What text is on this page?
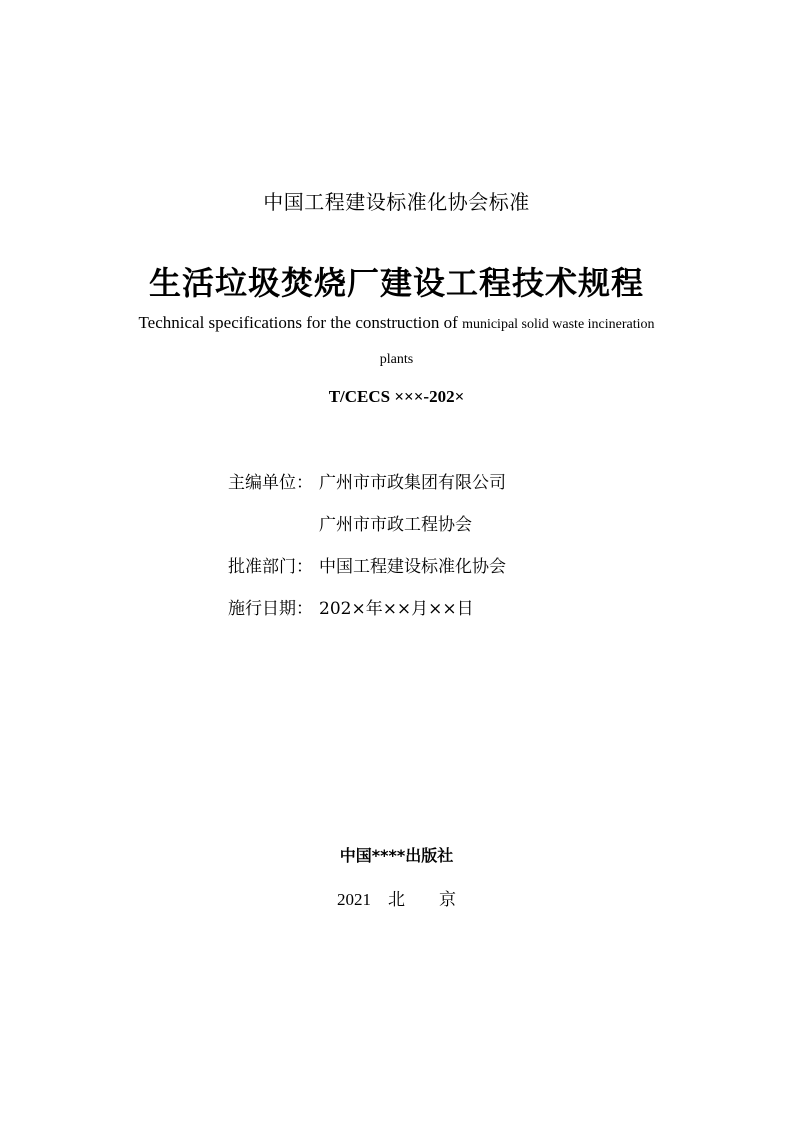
中国工程建设标准化协会标准
生活垃圾焚烧厂建设工程技术规程
Technical specifications for the construction of municipal solid waste incineration
plants
T/CECS ×××-202×
主编单位： 广州市市政集团有限公司
广州市市政工程协会
批准部门： 中国工程建设标准化协会
施行日期： 202×年××月××日
中国****出版社
2021　北　　京
